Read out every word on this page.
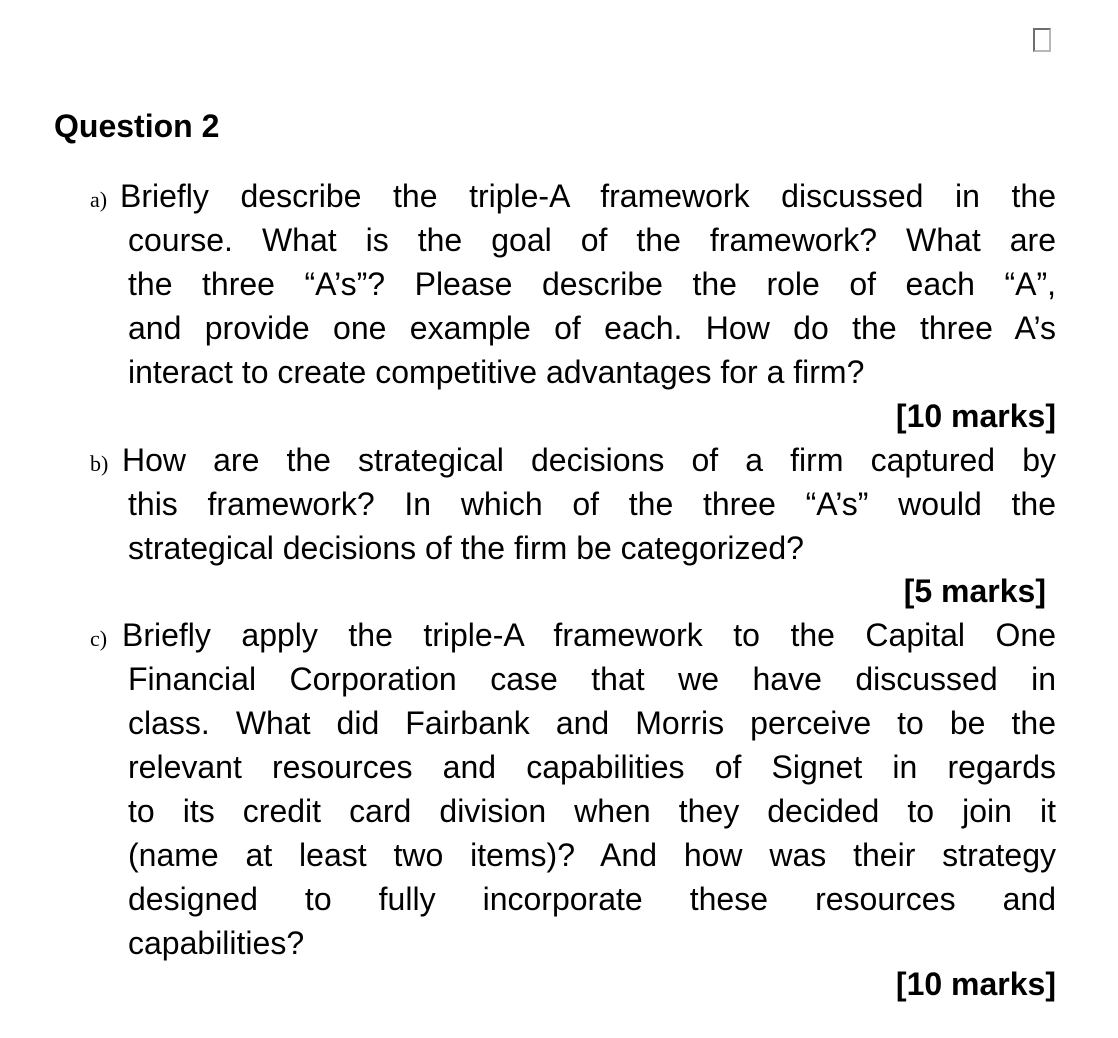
Question 2
a) Briefly describe the triple-A framework discussed in the
course. What is the goal of the framework? What are
the three “A’s”? Please describe the role of each “A”,
and provide one example of each. How do the three A’s
interact to create competitive advantages for a firm?
[10 marks]
b) How are the strategical decisions of a firm captured by
this framework? In which of the three “A’s” would the
strategical decisions of the firm be categorized?
[5 marks]
c) Briefly apply the triple-A framework to the Capital One
Financial Corporation case that we have discussed in
class. What did Fairbank and Morris perceive to be the
relevant resources and capabilities of Signet in regards
to its credit card division when they decided to join it
(name at least two items)? And how was their strategy
designed to fully incorporate these resources and
capabilities?
[10 marks]
